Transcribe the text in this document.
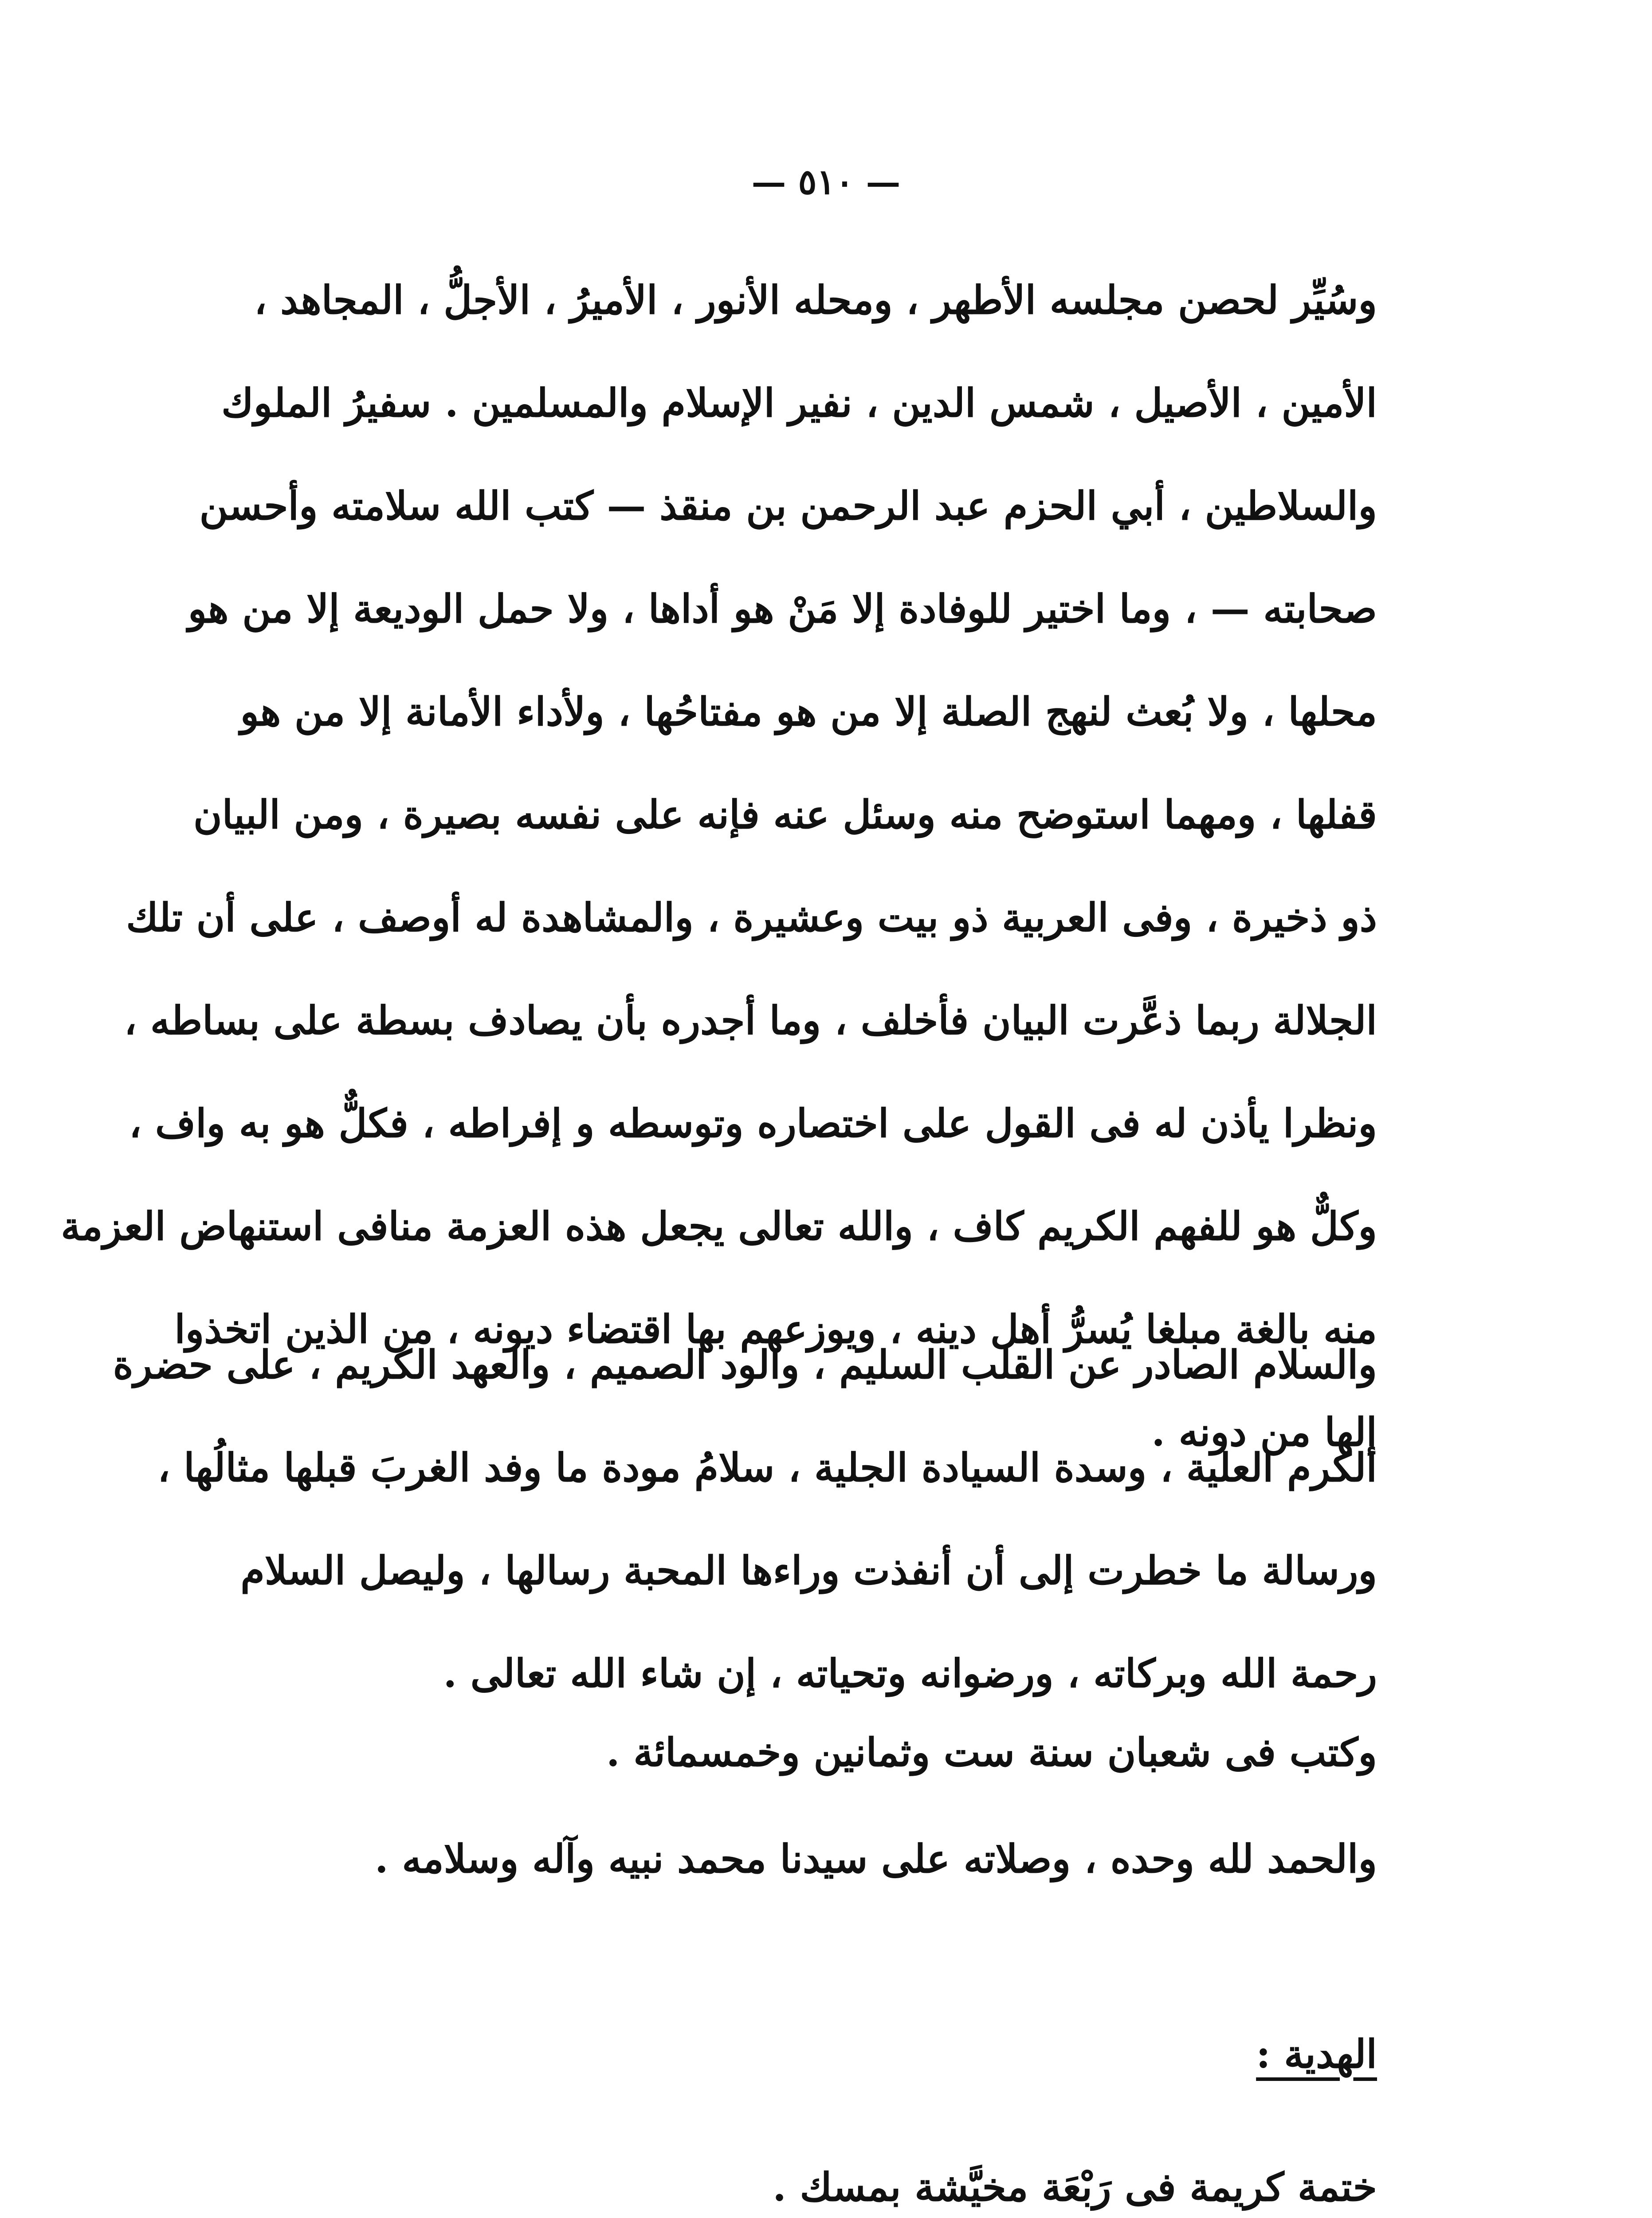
— ٥١٠ —
وسُيِّر لحصن مجلسه الأطهر ، ومحله الأنور ، الأميرُ ، الأجلُّ ، المجاهد ،
الأمين ، الأصيل ، شمس الدين ، نفير الإسلام والمسلمين . سفيرُ الملوك
والسلاطين ، أبي الحزم عبد الرحمن بن منقذ — كتب الله سلامته وأحسن
صحابته — ، وما اختير للوفادة إلا مَنْ هو أداها ، ولا حمل الوديعة إلا من هو
محلها ، ولا بُعث لنهج الصلة إلا من هو مفتاحُها ، ولأداء الأمانة إلا من هو
قفلها ، ومهما استوضح منه وسئل عنه فإنه على نفسه بصيرة ، ومن البيان
ذو ذخيرة ، وفى العربية ذو بيت وعشيرة ، والمشاهدة له أوصف ، على أن تلك
الجلالة ربما ذعَّرت البيان فأخلف ، وما أجدره بأن يصادف بسطة على بساطه ،
ونظرا يأذن له فى القول على اختصاره وتوسطه و إفراطه ، فكلٌّ هو به واف ،
وكلٌّ هو للفهم الكريم كاف ، والله تعالى يجعل هذه العزمة منافى استنهاض العزمة
منه بالغة مبلغا يُسرُّ أهل دينه ، ويوزعهم بها اقتضاء ديونه ، من الذين اتخذوا
إلها من دونه .
والسلام الصادر عن القلب السليم ، والود الصميم ، والعهد الكريم ، على حضرة
الكرم العلية ، وسدة السيادة الجلية ، سلامُ مودة ما وفد الغربَ قبلها مثالُها ،
ورسالة ما خطرت إلى أن أنفذت وراءها المحبة رسالها ، وليصل السلام
رحمة الله وبركاته ، ورضوانه وتحياته ، إن شاء الله تعالى .
وكتب فى شعبان سنة ست وثمانين وخمسمائة .
والحمد لله وحده ، وصلاته على سيدنا محمد نبيه وآله وسلامه .
الهدية :
ختمة كريمة فى رَبْعَة مخيَّشة بمسك .
